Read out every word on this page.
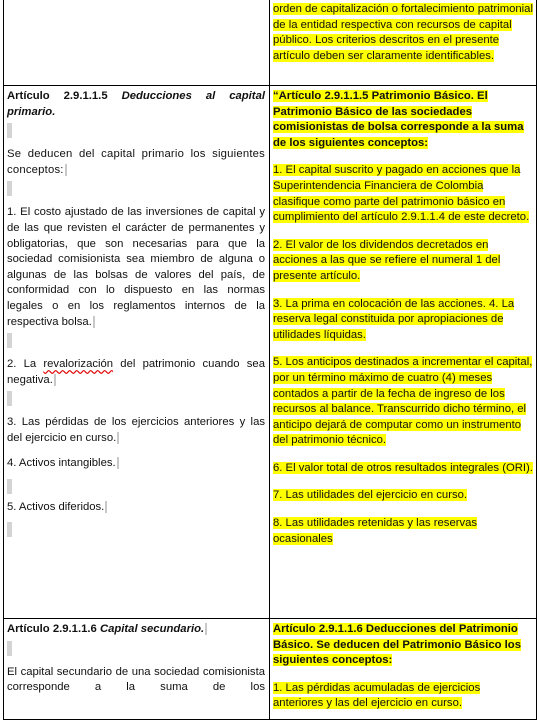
orden de capitalización o fortalecimiento patrimonial de la entidad respectiva con recursos de capital público. Los criterios descritos en el presente artículo deben ser claramente identificables.

Artículo 2.9.1.1.5 Deducciones al capital primario.

Se deducen del capital primario los siguientes conceptos:

1. El costo ajustado de las inversiones de capital y de las que revisten el carácter de permanentes y obligatorias, que son necesarias para que la sociedad comisionista sea miembro de alguna o algunas de las bolsas de valores del país, de conformidad con lo dispuesto en las normas legales o en los reglamentos internos de la respectiva bolsa.

2. La revalorización del patrimonio cuando sea negativa.

3. Las pérdidas de los ejercicios anteriores y las del ejercicio en curso.

4. Activos intangibles.

5. Activos diferidos.

“Artículo 2.9.1.1.5 Patrimonio Básico. El Patrimonio Básico de las sociedades comisionistas de bolsa corresponde a la suma de los siguientes conceptos:

1. El capital suscrito y pagado en acciones que la Superintendencia Financiera de Colombia clasifique como parte del patrimonio básico en cumplimiento del artículo 2.9.1.1.4 de este decreto.

2. El valor de los dividendos decretados en acciones a las que se refiere el numeral 1 del presente artículo.

3. La prima en colocación de las acciones. 4. La reserva legal constituida por apropiaciones de utilidades líquidas.

5. Los anticipos destinados a incrementar el capital, por un término máximo de cuatro (4) meses contados a partir de la fecha de ingreso de los recursos al balance. Transcurrido dicho término, el anticipo dejará de computar como un instrumento del patrimonio técnico.

6. El valor total de otros resultados integrales (ORI).

7. Las utilidades del ejercicio en curso.

8. Las utilidades retenidas y las reservas ocasionales

Artículo 2.9.1.1.6 Capital secundario.

El capital secundario de una sociedad comisionista corresponde a la suma de los

Artículo 2.9.1.1.6 Deducciones del Patrimonio Básico. Se deducen del Patrimonio Básico los siguientes conceptos:

1. Las pérdidas acumuladas de ejercicios anteriores y las del ejercicio en curso.
